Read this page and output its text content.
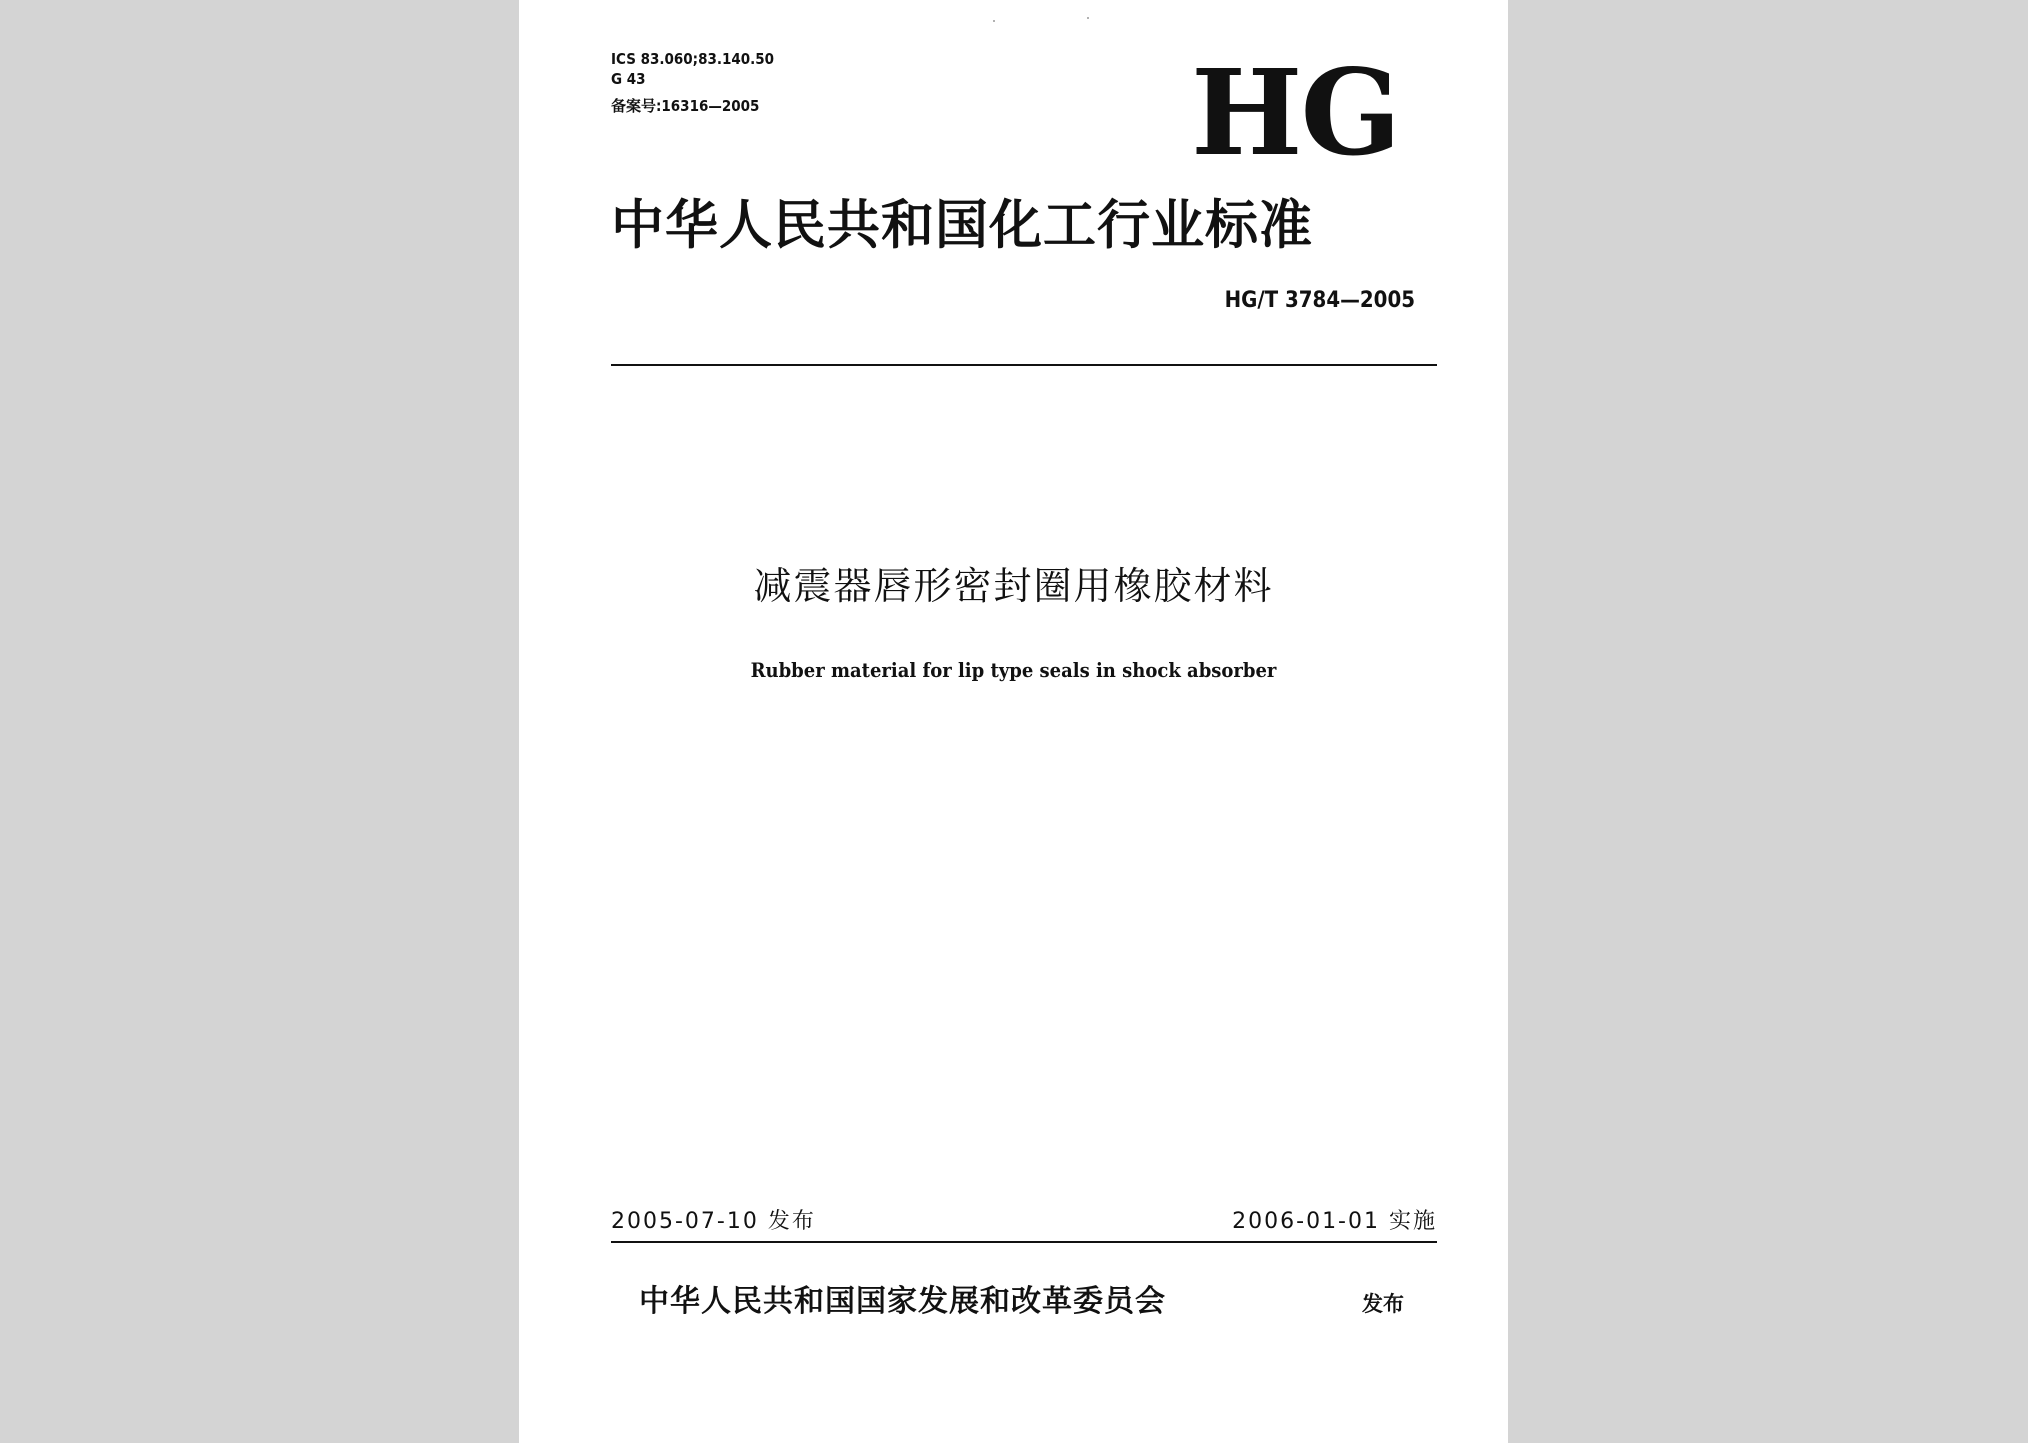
ICS 83.060;83.140.50
G 43
备案号:16316—2005	HG
中华人民共和国化工行业标准
HG/T 3784—2005
减震器唇形密封圈用橡胶材料
Rubber material for lip type seals in shock absorber
2005-07-10 发布	2006-01-01 实施
中华人民共和国国家发展和改革委员会	发布
